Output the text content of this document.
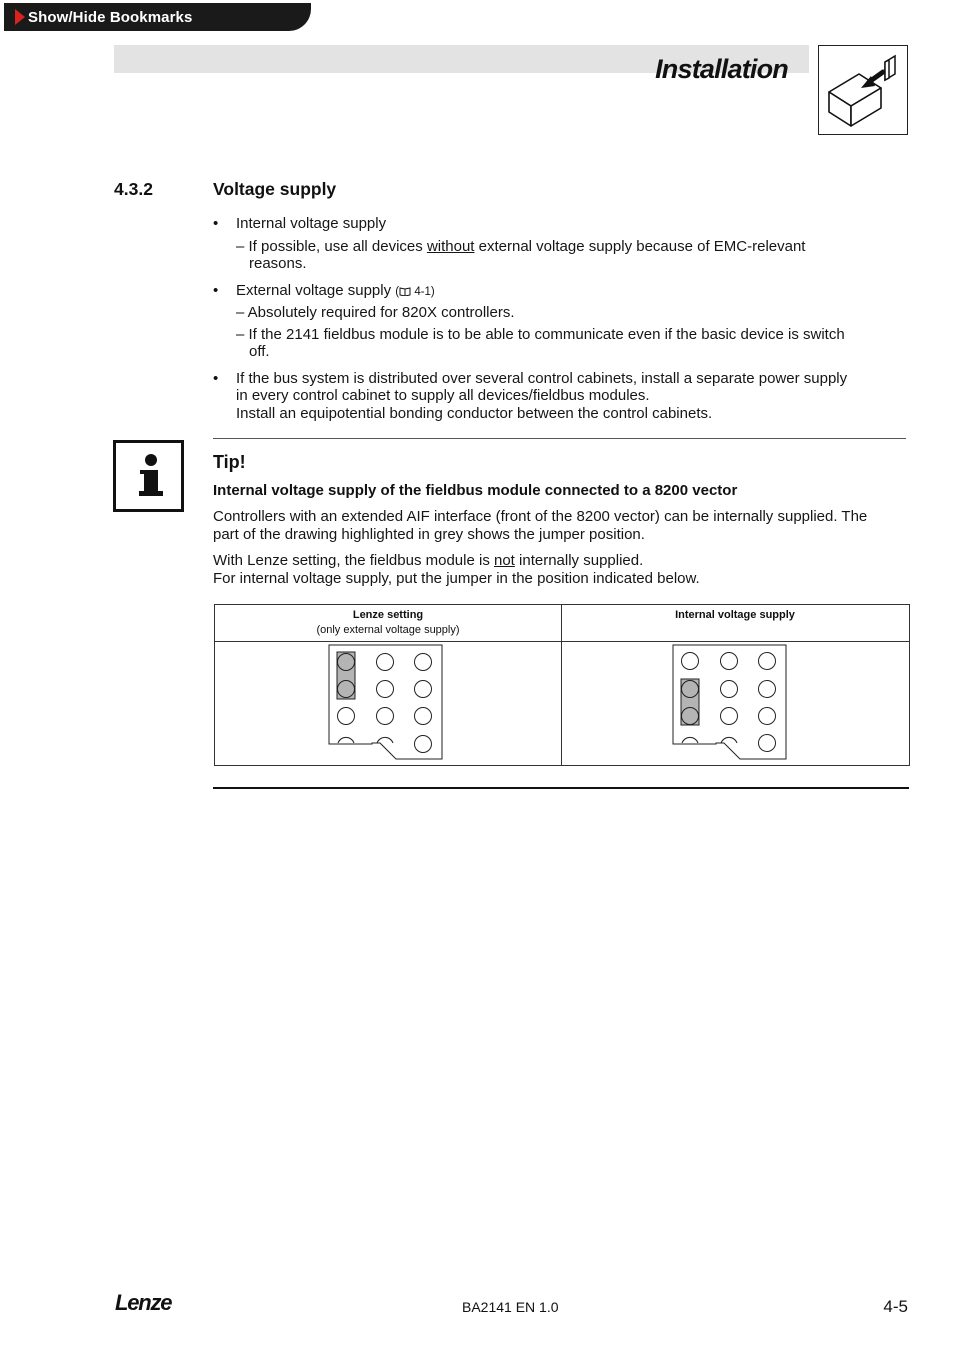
Show/Hide Bookmarks
Installation
4.3.2	Voltage supply
• Internal voltage supply
– If possible, use all devices without external voltage supply because of EMC-relevant
reasons.
• External voltage supply ( 4-1)
– Absolutely required for 820X controllers.
– If the 2141 fieldbus module is to be able to communicate even if the basic device is switch
off.
• If the bus system is distributed over several control cabinets, install a separate power supply
in every control cabinet to supply all devices/fieldbus modules.
Install an equipotential bonding conductor between the control cabinets.
Tip!
Internal voltage supply of the fieldbus module connected to a 8200 vector
Controllers with an extended AIF interface (front of the 8200 vector) can be internally supplied. The
part of the drawing highlighted in grey shows the jumper position.
With Lenze setting, the fieldbus module is not internally supplied.
For internal voltage supply, put the jumper in the position indicated below.
Lenze setting
(only external voltage supply)
Internal voltage supply
Lenze	BA2141 EN 1.0	4-5
